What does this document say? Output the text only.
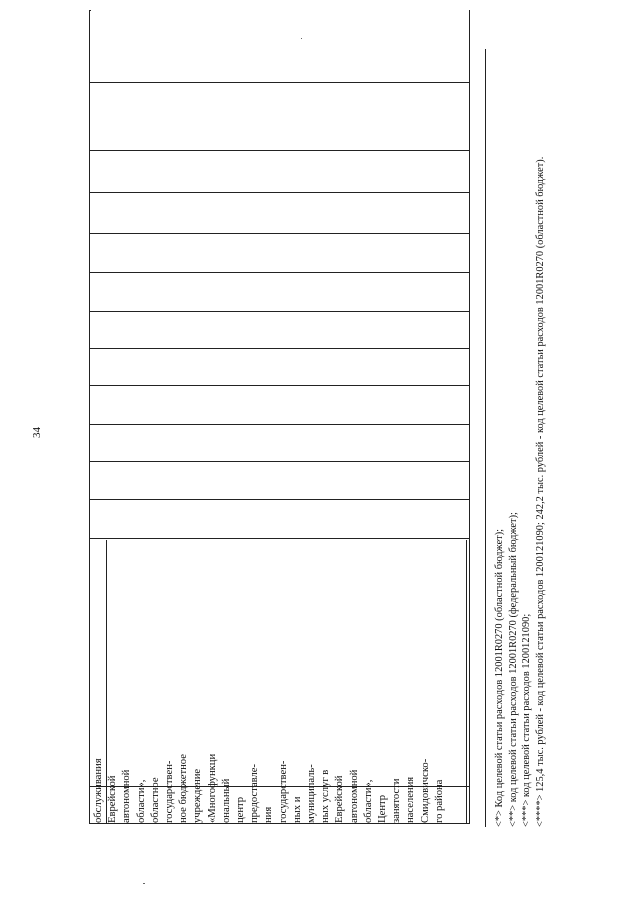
34
обслуживания Еврейской автономной области», областное государствен- ное бюджетное учреждение «Многофункци ональный центр предоставле- ния государствен- ных и муниципаль- ных услуг в Еврейской автономной области», Центр занятости населения Смидовичско- го района	<*> Код целевой статьи расходов 12001R0270 (областной бюджет); <**> код целевой статьи расходов 12001R0270 (федеральный бюджет); <***> код целевой статьи расходов 1200121090; <****> 125,4 тыс. рублей - код целевой статьи расходов 1200121090; 242,2 тыс. рублей - код целевой статьи расходов 12001R0270 (областной бюджет).
